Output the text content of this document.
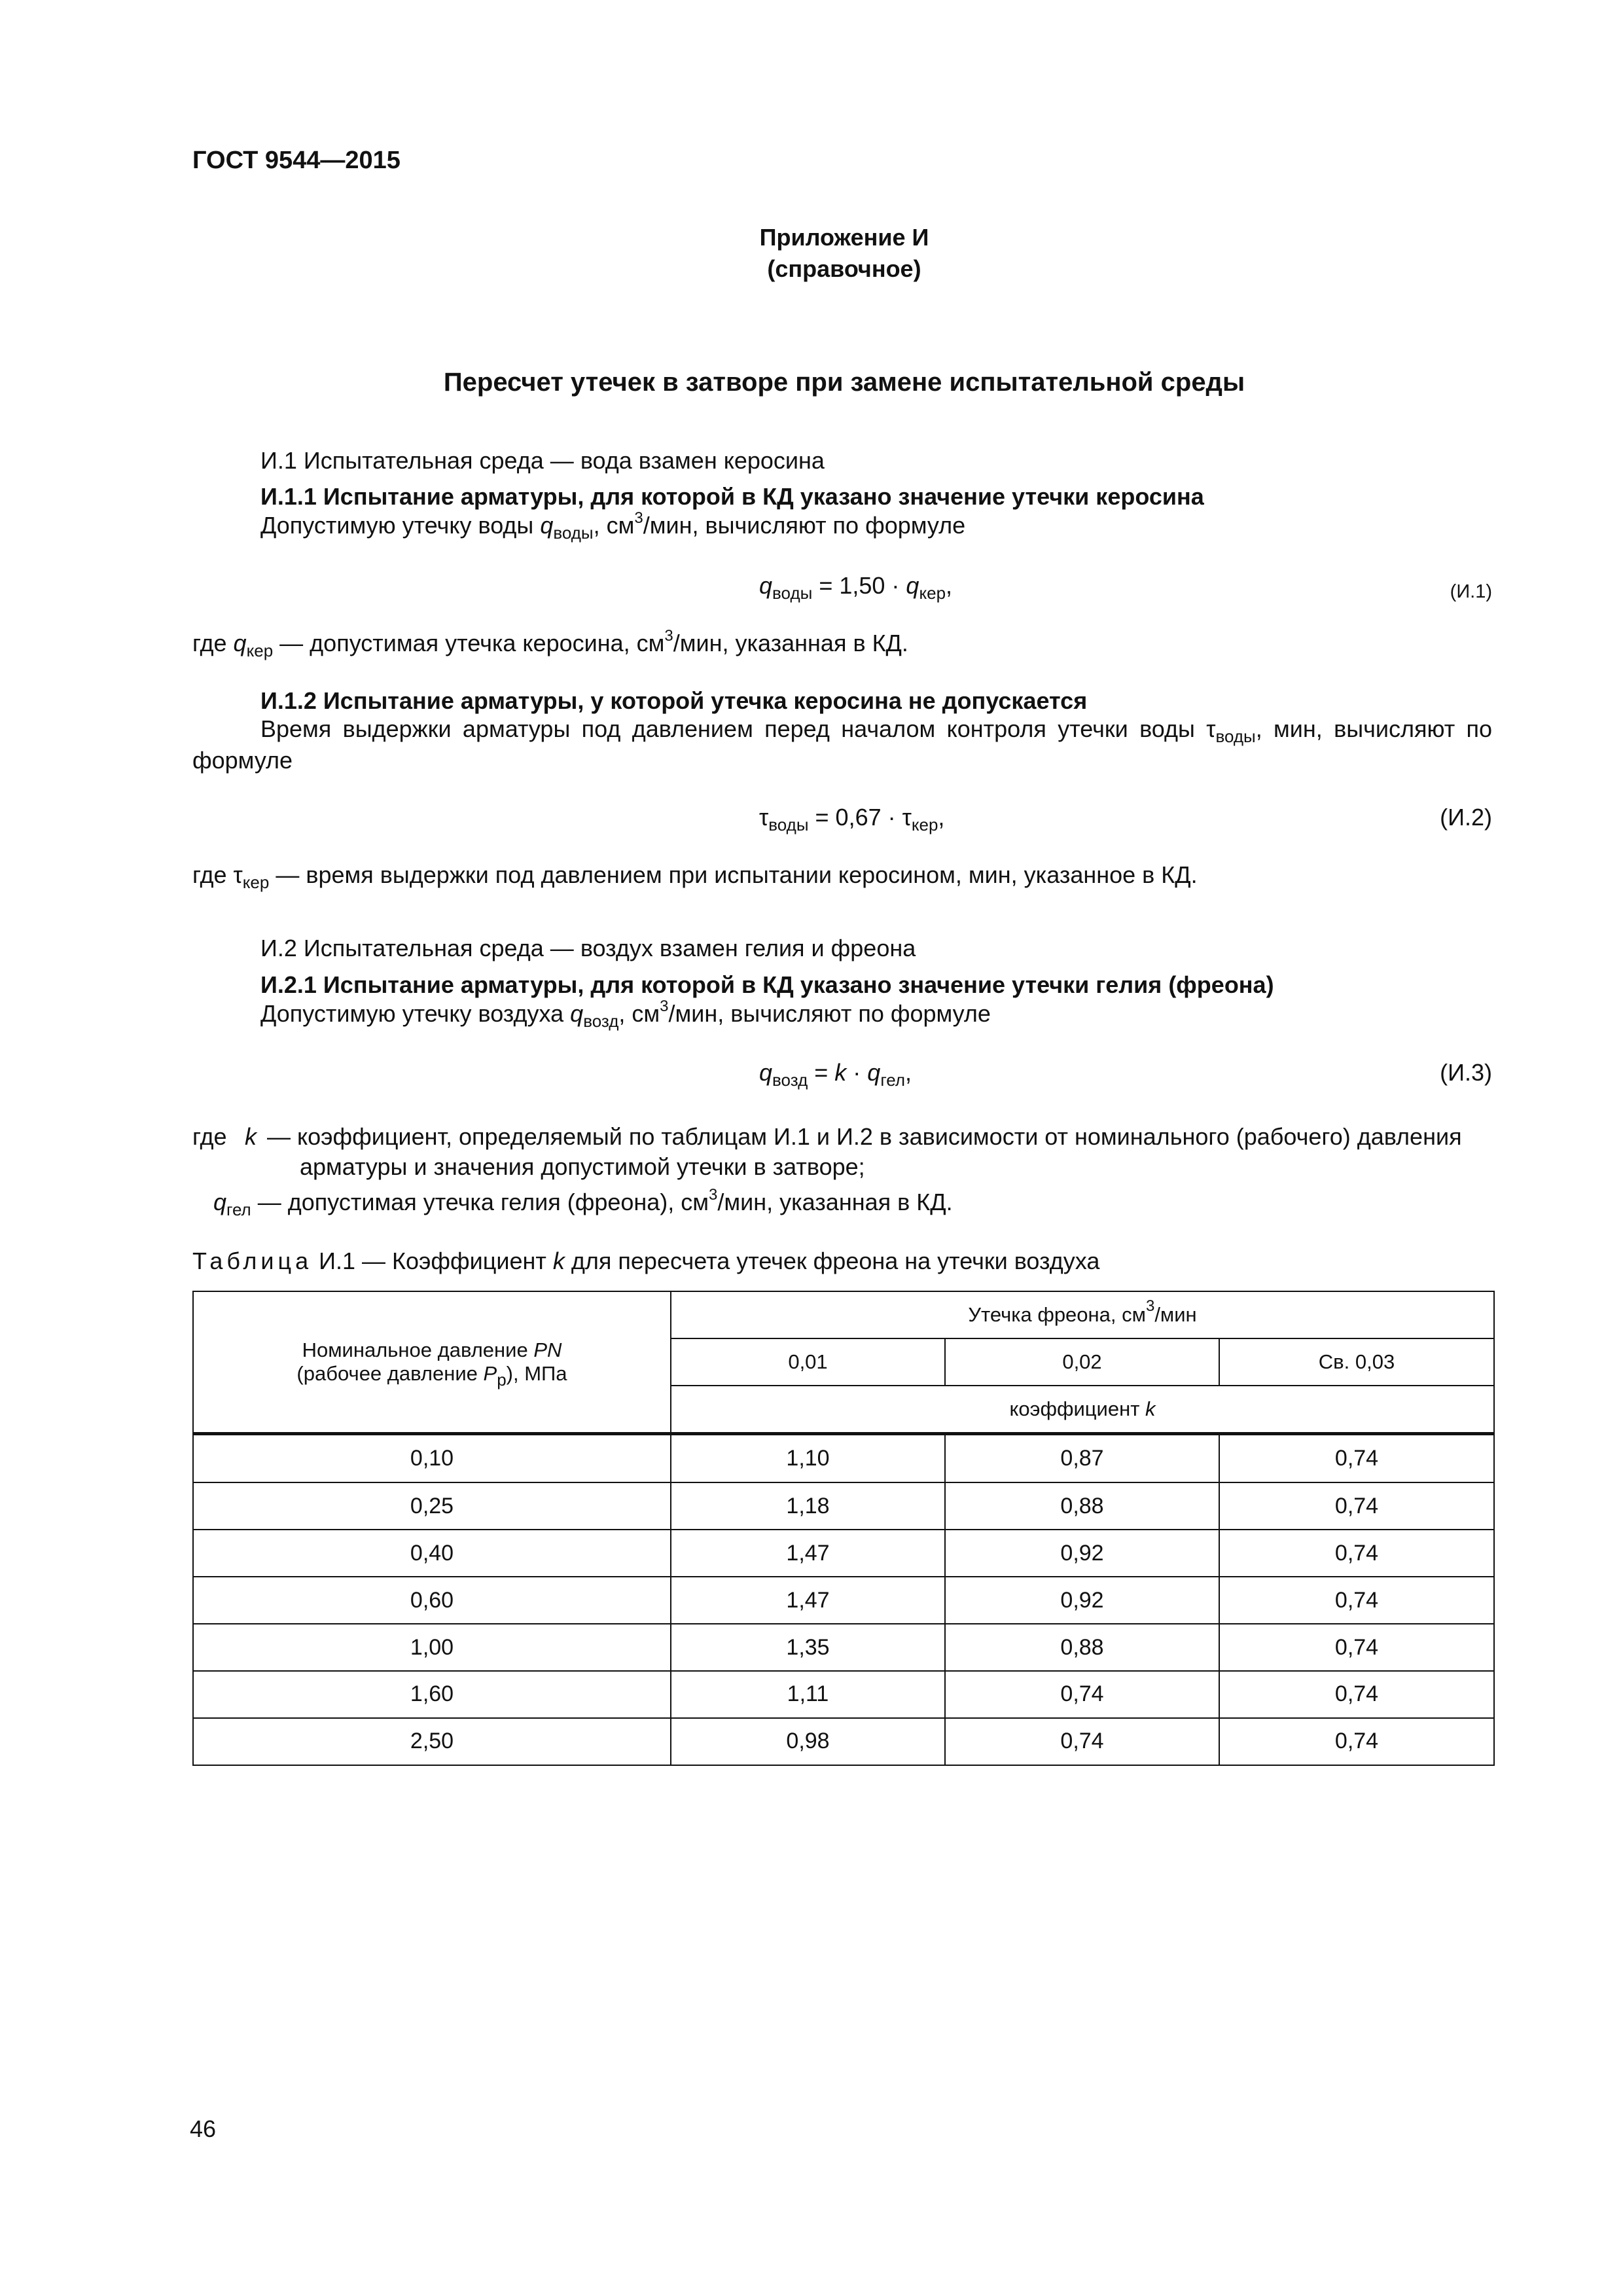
ГОСТ 9544—2015
Приложение И
(справочное)
Пересчет утечек в затворе при замене испытательной среды
И.1 Испытательная среда — вода взамен керосина
И.1.1 Испытание арматуры, для которой в КД указано значение утечки керосина
Допустимую утечку воды $q_{воды}$, $см^3$/мин, вычисляют по формуле
$q_{воды} = 1,50 \cdot q_{кер}$,	(И.1)
где $q_{кер}$ — допустимая утечка керосина, $см^3$/мин, указанная в КД.
И.1.2 Испытание арматуры, у которой утечка керосина не допускается
Время выдержки арматуры под давлением перед началом контроля утечки воды $\tau_{воды}$, мин, вычисляют по формуле
$\tau_{воды} = 0,67 \cdot \tau_{кер}$,	(И.2)
где $\tau_{кер}$ — время выдержки под давлением при испытании керосином, мин, указанное в КД.
И.2 Испытательная среда — воздух взамен гелия и фреона
И.2.1 Испытание арматуры, для которой в КД указано значение утечки гелия (фреона)
Допустимую утечку воздуха $q_{возд}$, $см^3$/мин, вычисляют по формуле
$q_{возд} = k \cdot q_{гел}$,	(И.3)
где k — коэффициент, определяемый по таблицам И.1 и И.2 в зависимости от номинального (рабочего) давления
арматуры и значения допустимой утечки в затворе;
$q_{гел}$ — допустимая утечка гелия (фреона), $см^3$/мин, указанная в КД.
Таблица И.1 — Коэффициент k для пересчета утечек фреона на утечки воздуха
Номинальное давление PN
(рабочее давление $P_р$), МПа	Утечка фреона, $см^3$/мин		
	0,01	0,02	Св. 0,03
	коэффициент k		
0,10	1,10	0,87	0,74
0,25	1,18	0,88	0,74
0,40	1,47	0,92	0,74
0,60	1,47	0,92	0,74
1,00	1,35	0,88	0,74
1,60	1,11	0,74	0,74
2,50	0,98	0,74	0,74
46
